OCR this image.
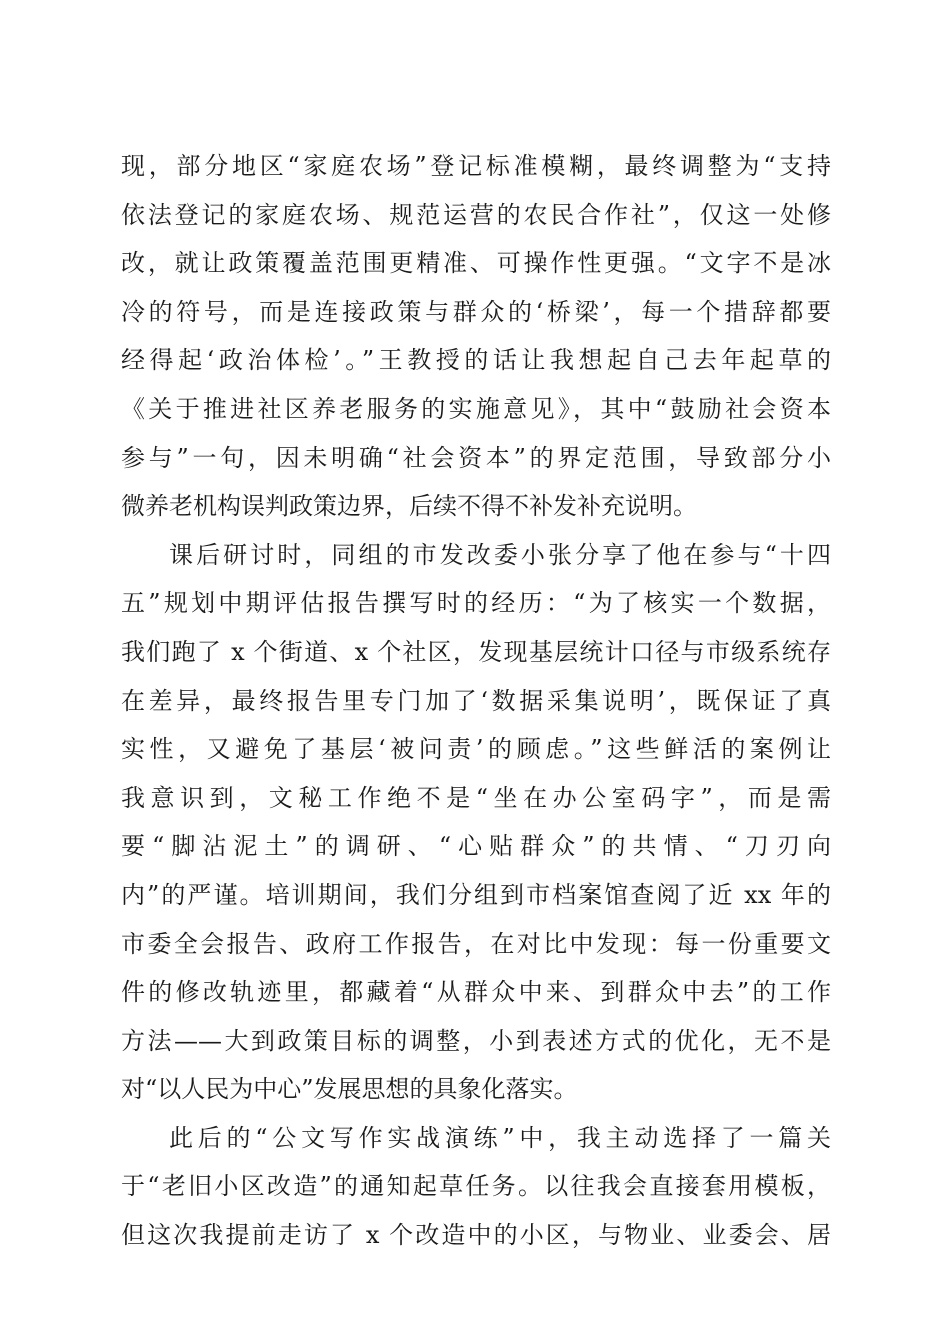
现，部分地区“家庭农场”登记标准模糊，最终调整为“支持
依法登记的家庭农场、规范运营的农民合作社”，仅这一处修
改，就让政策覆盖范围更精准、可操作性更强。“文字不是冰
冷的符号，而是连接政策与群众的‘桥梁’，每一个措辞都要
经得起‘政治体检’。”王教授的话让我想起自己去年起草的
《关于推进社区养老服务的实施意见》，其中“鼓励社会资本
参与”一句，因未明确“社会资本”的界定范围，导致部分小
微养老机构误判政策边界，后续不得不补发补充说明。
课后研讨时，同组的市发改委小张分享了他在参与“十四
五”规划中期评估报告撰写时的经历：“为了核实一个数据，
我们跑了 x 个街道、x 个社区，发现基层统计口径与市级系统存
在差异，最终报告里专门加了‘数据采集说明’，既保证了真
实性，又避免了基层‘被问责’的顾虑。”这些鲜活的案例让
我意识到，文秘工作绝不是“坐在办公室码字”，而是需
要“脚沾泥土”的调研、“心贴群众”的共情、“刀刃向
内”的严谨。培训期间，我们分组到市档案馆查阅了近 xx 年的
市委全会报告、政府工作报告，在对比中发现：每一份重要文
件的修改轨迹里，都藏着“从群众中来、到群众中去”的工作
方法——大到政策目标的调整，小到表述方式的优化，无不是
对“以人民为中心”发展思想的具象化落实。
此后的“公文写作实战演练”中，我主动选择了一篇关
于“老旧小区改造”的通知起草任务。以往我会直接套用模板，
但这次我提前走访了 x 个改造中的小区，与物业、业委会、居
